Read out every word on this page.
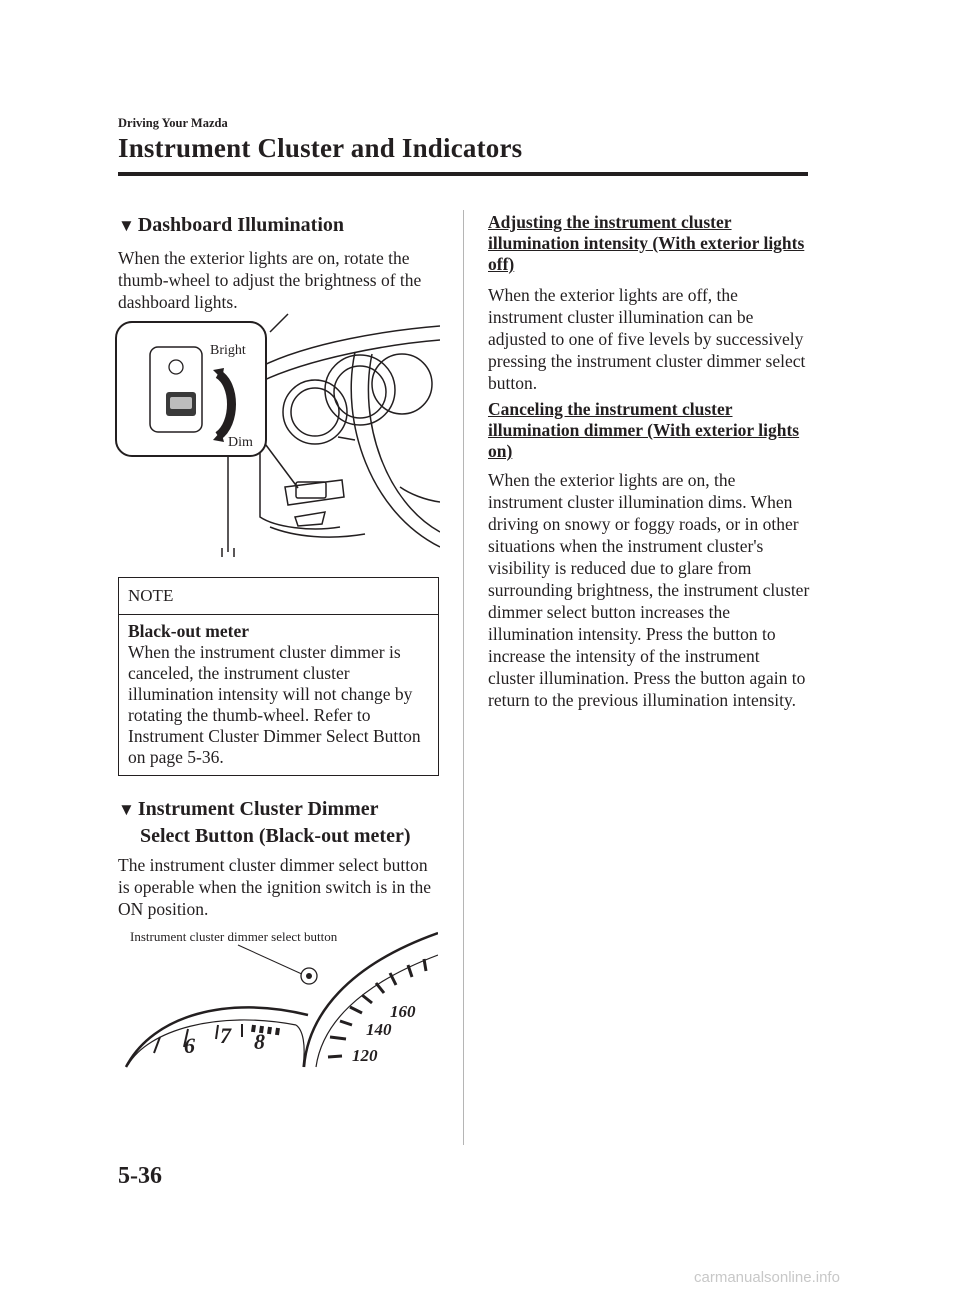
Driving Your Mazda
Instrument Cluster and Indicators
▼ Dashboard Illumination
When the exterior lights are on, rotate the thumb-wheel to adjust the brightness of the dashboard lights.
Bright
Dim
NOTE
Black-out meter
When the instrument cluster dimmer is canceled, the instrument cluster illumination intensity will not change by rotating the thumb-wheel. Refer to Instrument Cluster Dimmer Select Button on page 5-36.
▼ Instrument Cluster Dimmer
Select Button (Black-out meter)
The instrument cluster dimmer select button is operable when the ignition switch is in the ON position.
Instrument cluster dimmer select button
6 7 8
160
140
120
Adjusting the instrument cluster illumination intensity (With exterior lights off)
When the exterior lights are off, the instrument cluster illumination can be adjusted to one of five levels by successively pressing the instrument cluster dimmer select button.
Canceling the instrument cluster illumination dimmer (With exterior lights on)
When the exterior lights are on, the instrument cluster illumination dims. When driving on snowy or foggy roads, or in other situations when the instrument cluster's visibility is reduced due to glare from surrounding brightness, the instrument cluster dimmer select button increases the illumination intensity. Press the button to increase the intensity of the instrument cluster illumination. Press the button again to return to the previous illumination intensity.
5-36
carmanualsonline.info
